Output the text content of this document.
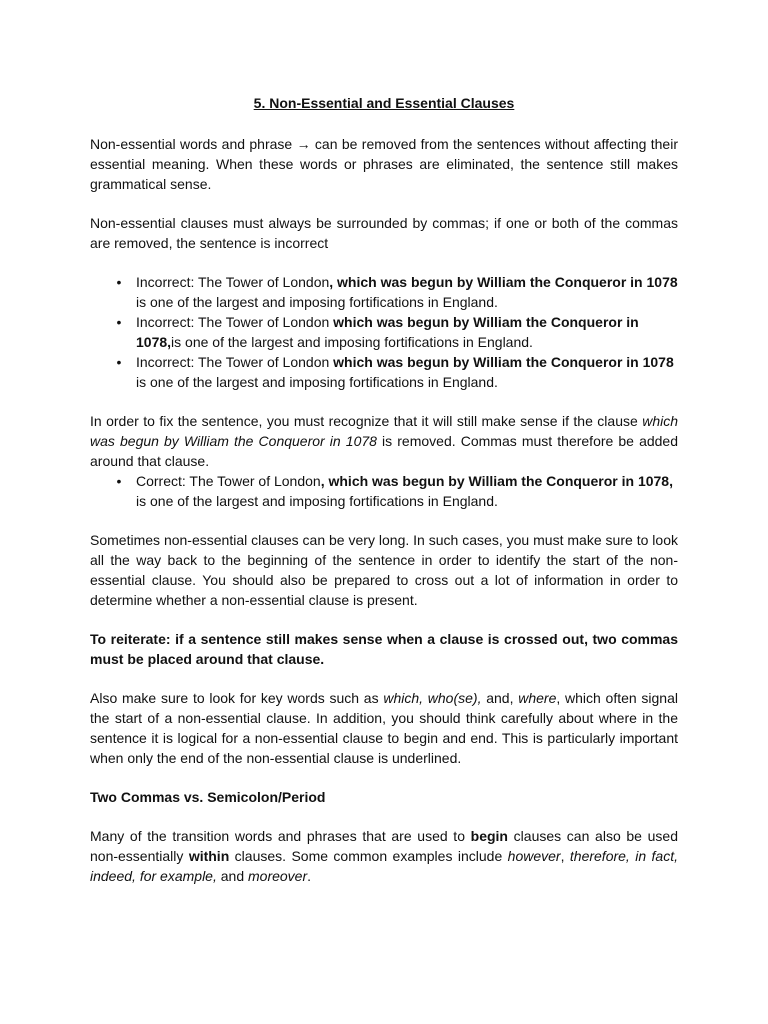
5. Non-Essential and Essential Clauses

Non-essential words and phrase → can be removed from the sentences without affecting their essential meaning. When these words or phrases are eliminated, the sentence still makes grammatical sense.

Non-essential clauses must always be surrounded by commas; if one or both of the commas are removed, the sentence is incorrect

• Incorrect: The Tower of London, which was begun by William the Conqueror in 1078 is one of the largest and imposing fortifications in England.
• Incorrect: The Tower of London which was begun by William the Conqueror in 1078,is one of the largest and imposing fortifications in England.
• Incorrect: The Tower of London which was begun by William the Conqueror in 1078 is one of the largest and imposing fortifications in England.

In order to fix the sentence, you must recognize that it will still make sense if the clause which was begun by William the Conqueror in 1078 is removed. Commas must therefore be added around that clause.

• Correct: The Tower of London, which was begun by William the Conqueror in 1078, is one of the largest and imposing fortifications in England.

Sometimes non-essential clauses can be very long. In such cases, you must make sure to look all the way back to the beginning of the sentence in order to identify the start of the non-essential clause. You should also be prepared to cross out a lot of information in order to determine whether a non-essential clause is present.

To reiterate: if a sentence still makes sense when a clause is crossed out, two commas must be placed around that clause.

Also make sure to look for key words such as which, who(se), and, where, which often signal the start of a non-essential clause. In addition, you should think carefully about where in the sentence it is logical for a non-essential clause to begin and end. This is particularly important when only the end of the non-essential clause is underlined.

Two Commas vs. Semicolon/Period

Many of the transition words and phrases that are used to begin clauses can also be used non-essentially within clauses. Some common examples include however, therefore, in fact, indeed, for example, and moreover.
